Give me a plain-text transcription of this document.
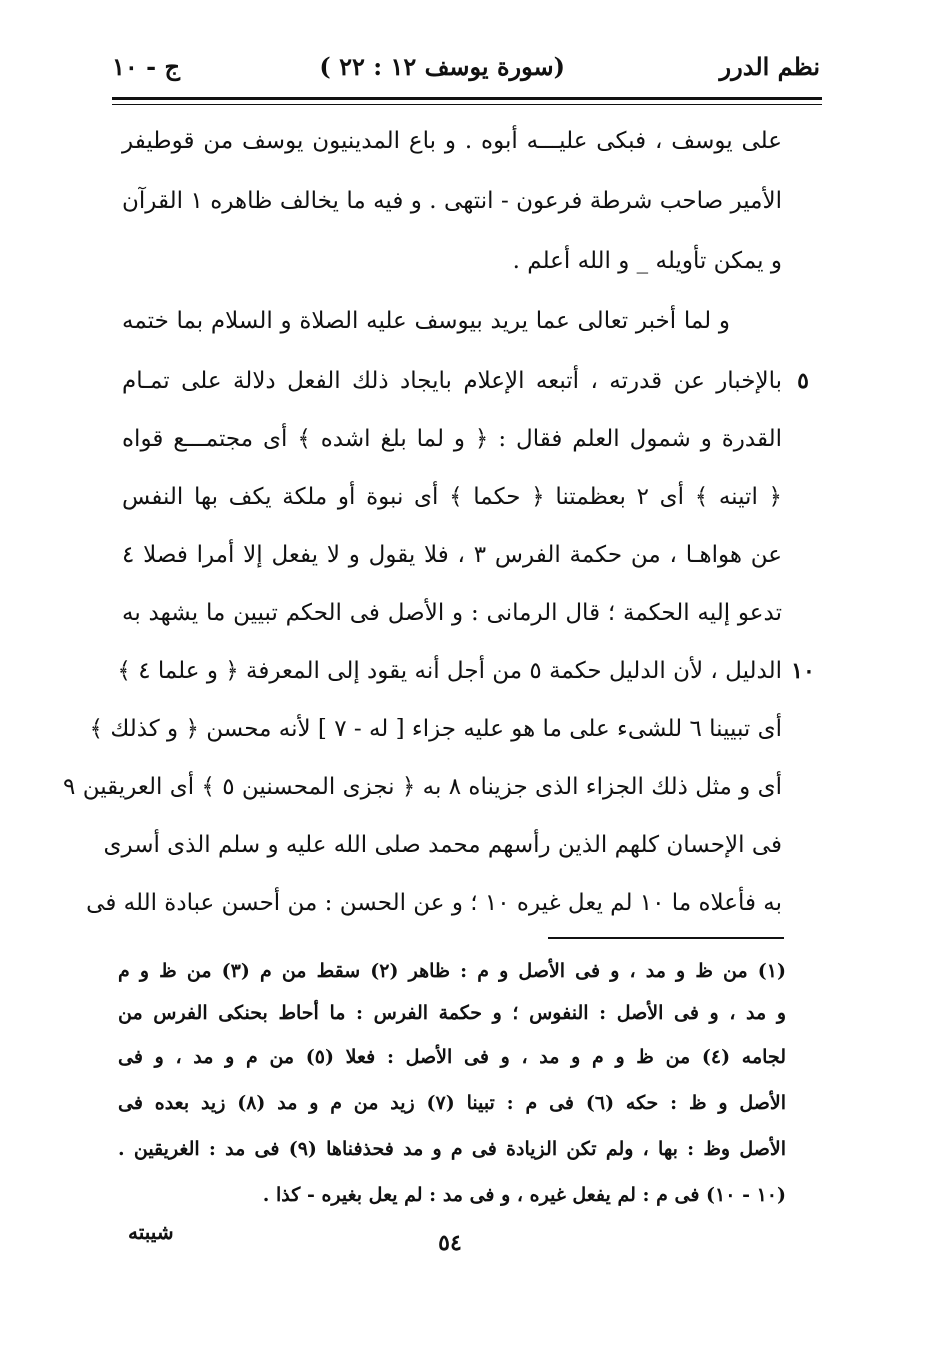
نظم الدرر
(سورة يوسف ١٢ : ٢٢ )
ج - ١٠
على يوسف ، فبكى عليـــه أبوه . و باع المدينيون يوسف من قوطيفر
الأمير صاحب شرطة فرعون - انتهى . و فيه ما يخالف ظاهره ١ القرآن
و يمكن تأويله _ و الله أعلم .
و لما أخبر تعالى عما يريد بيوسف عليه الصلاة و السلام بما ختمه
بالإخبار عن قدرته ، أتبعه الإعلام بايجاد ذلك الفعل دلالة على تمـام
القدرة و شمول العلم فقال : ﴿ و لما بلغ اشده ﴾ أى مجتمـــع قواه
﴿ اتينه ﴾ أى ٢ بعظمتنا ﴿ حكما ﴾ أى نبوة أو ملكة يكف بها النفس
عن هواهـا ، من حكمة الفرس ٣ ، فلا يقول و لا يفعل إلا أمرا فصلا ٤
تدعو إليه الحكمة ؛ قال الرمانى : و الأصل فى الحكم تبيين ما يشهد به
الدليل ، لأن الدليل حكمة ٥ من أجل أنه يقود إلى المعرفة ﴿ و علما ٤ ﴾
أى تبيينا ٦ للشىء على ما هو عليه جزاء [ له - ٧ ] لأنه محسن ﴿ و كذلك ﴾
أى و مثل ذلك الجزاء الذى جزيناه ٨ به ﴿ نجزى المحسنين ٥ ﴾ أى العريقين ٩
فى الإحسان كلهم الذين رأسهم محمد صلى الله عليه و سلم الذى أسرى
به فأعلاه ما ١٠ لم يعل غيره ١٠ ؛ و عن الحسن : من أحسن عبادة الله فى
٥
١٠
(١) من ظ و مد ، و فى الأصل و م : ظاهر (٢) سقط من م (٣) من ظ و م
و مد ، و فى الأصل : النفوس ؛ و حكمة الفرس : ما أحاط بحنكى الفرس من
لجامه (٤) من ظ و م و مد ، و فى الأصل : فعلا (٥) من م و مد ، و فى
الأصل و ظ : حكه (٦) فى م : تبينا (٧) زيد من م و مد (٨) زيد بعده فى
الأصل وظ : بها ، ولم تكن الزيادة فى م و مد فحذفناها (٩) فى مد : الغريقين .
(١٠ - ١٠) فى م : لم يفعل غيره ، و فى مد : لم يعل بغيره - كذا .
٥٤
شيبته
